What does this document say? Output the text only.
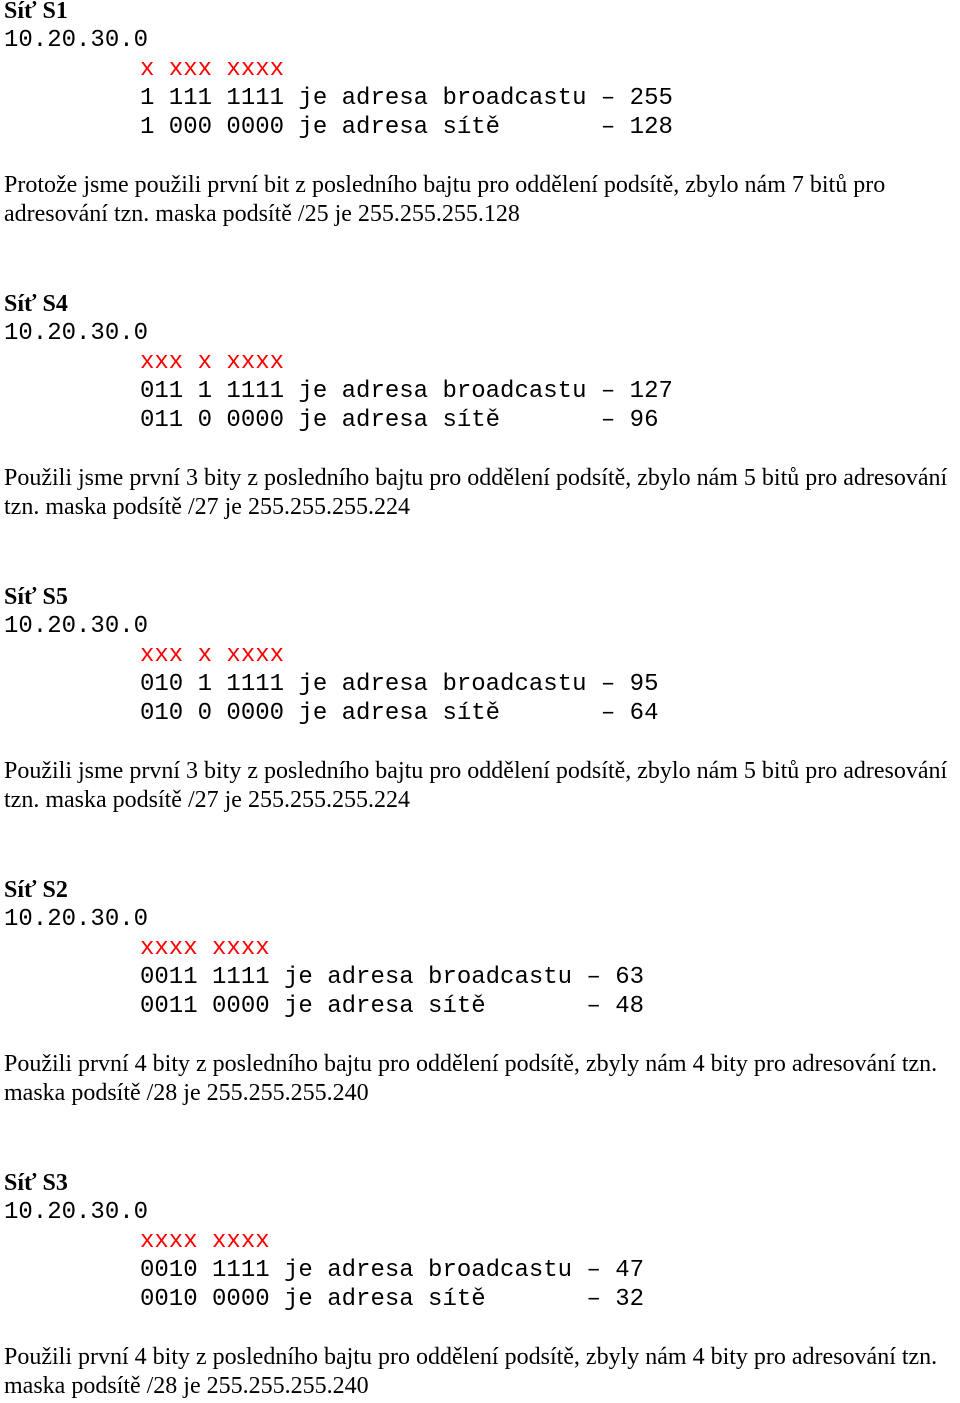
Síť S1
10.20.30.0
x xxx xxxx
1 111 1111 je adresa broadcastu – 255
1 000 0000 je adresa sítě       – 128
Protože jsme použili první bit z posledního bajtu pro oddělení podsítě, zbylo nám 7 bitů pro adresování tzn. maska podsítě /25 je 255.255.255.128
Síť S4
10.20.30.0
xxx x xxxx
011 1 1111 je adresa broadcastu – 127
011 0 0000 je adresa sítě       – 96
Použili jsme první 3 bity z posledního bajtu pro oddělení podsítě, zbylo nám 5 bitů pro adresování tzn. maska podsítě /27 je 255.255.255.224
Síť S5
10.20.30.0
xxx x xxxx
010 1 1111 je adresa broadcastu – 95
010 0 0000 je adresa sítě       – 64
Použili jsme první 3 bity z posledního bajtu pro oddělení podsítě, zbylo nám 5 bitů pro adresování tzn. maska podsítě /27 je 255.255.255.224
Síť S2
10.20.30.0
xxxx xxxx
0011 1111 je adresa broadcastu – 63
0011 0000 je adresa sítě       – 48
Použili první 4 bity z posledního bajtu pro oddělení podsítě, zbyly nám 4 bity pro adresování tzn. maska podsítě /28 je 255.255.255.240
Síť S3
10.20.30.0
xxxx xxxx
0010 1111 je adresa broadcastu – 47
0010 0000 je adresa sítě       – 32
Použili první 4 bity z posledního bajtu pro oddělení podsítě, zbyly nám 4 bity pro adresování tzn. maska podsítě /28 je 255.255.255.240
